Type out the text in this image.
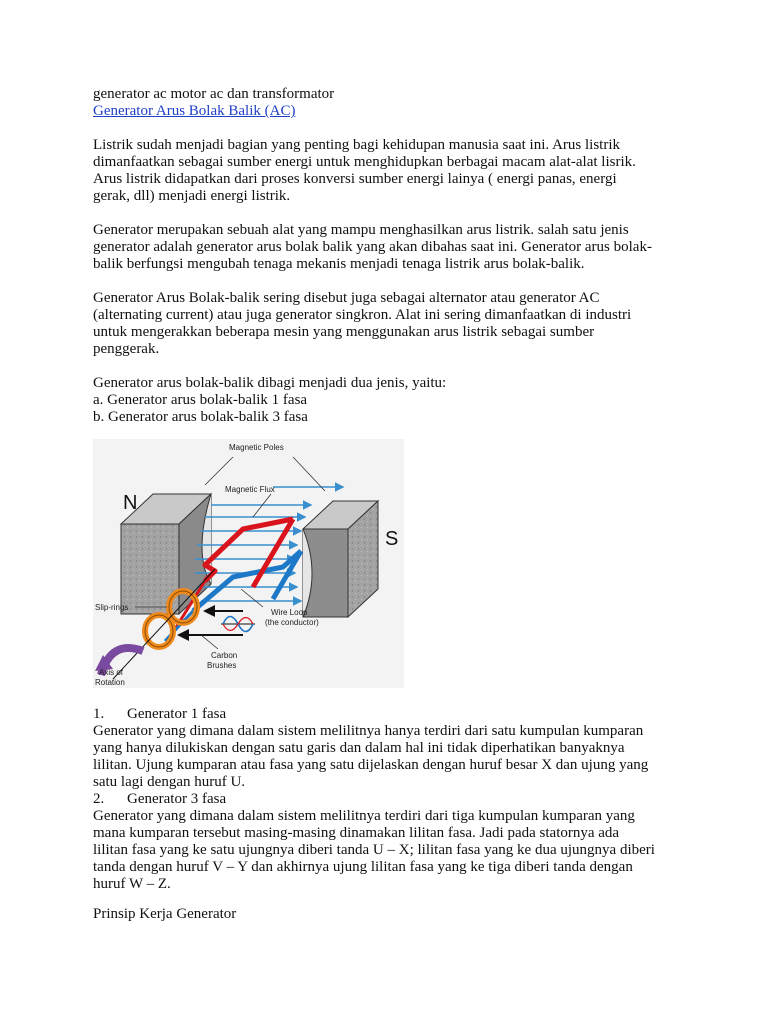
generator ac motor ac dan transformator
Generator Arus Bolak Balik (AC)
Listrik sudah menjadi bagian yang penting bagi kehidupan manusia saat ini. Arus listrik
dimanfaatkan sebagai sumber energi untuk menghidupkan berbagai macam alat-alat lisrik.
Arus listrik didapatkan dari proses konversi sumber energi lainya ( energi panas, energi
gerak, dll) menjadi energi listrik.
Generator merupakan sebuah alat yang mampu menghasilkan arus listrik. salah satu jenis
generator adalah generator arus bolak balik yang akan dibahas saat ini. Generator arus bolak-
balik berfungsi mengubah tenaga mekanis menjadi tenaga listrik arus bolak-balik.
Generator Arus Bolak-balik sering disebut juga sebagai alternator atau generator AC
(alternating current) atau juga generator singkron. Alat ini sering dimanfaatkan di industri
untuk mengerakkan beberapa mesin yang menggunakan arus listrik sebagai sumber
penggerak.
Generator arus bolak-balik dibagi menjadi dua jenis, yaitu:
a. Generator arus bolak-balik 1 fasa
b. Generator arus bolak-balik 3 fasa
N
S
Magnetic Poles
Magnetic Flux
Slip-rings
Wire Loop
(the conductor)
Carbon
Brushes
Axis of
Rotation
1. Generator 1 fasa
Generator yang dimana dalam sistem melilitnya hanya terdiri dari satu kumpulan kumparan
yang hanya dilukiskan dengan satu garis dan dalam hal ini tidak diperhatikan banyaknya
lilitan. Ujung kumparan atau fasa yang satu dijelaskan dengan huruf besar X dan ujung yang
satu lagi dengan huruf U.
2. Generator 3 fasa
Generator yang dimana dalam sistem melilitnya terdiri dari tiga kumpulan kumparan yang
mana kumparan tersebut masing-masing dinamakan lilitan fasa. Jadi pada statornya ada
lilitan fasa yang ke satu ujungnya diberi tanda U – X; lilitan fasa yang ke dua ujungnya diberi
tanda dengan huruf V – Y dan akhirnya ujung lilitan fasa yang ke tiga diberi tanda dengan
huruf W – Z.
Prinsip Kerja Generator
